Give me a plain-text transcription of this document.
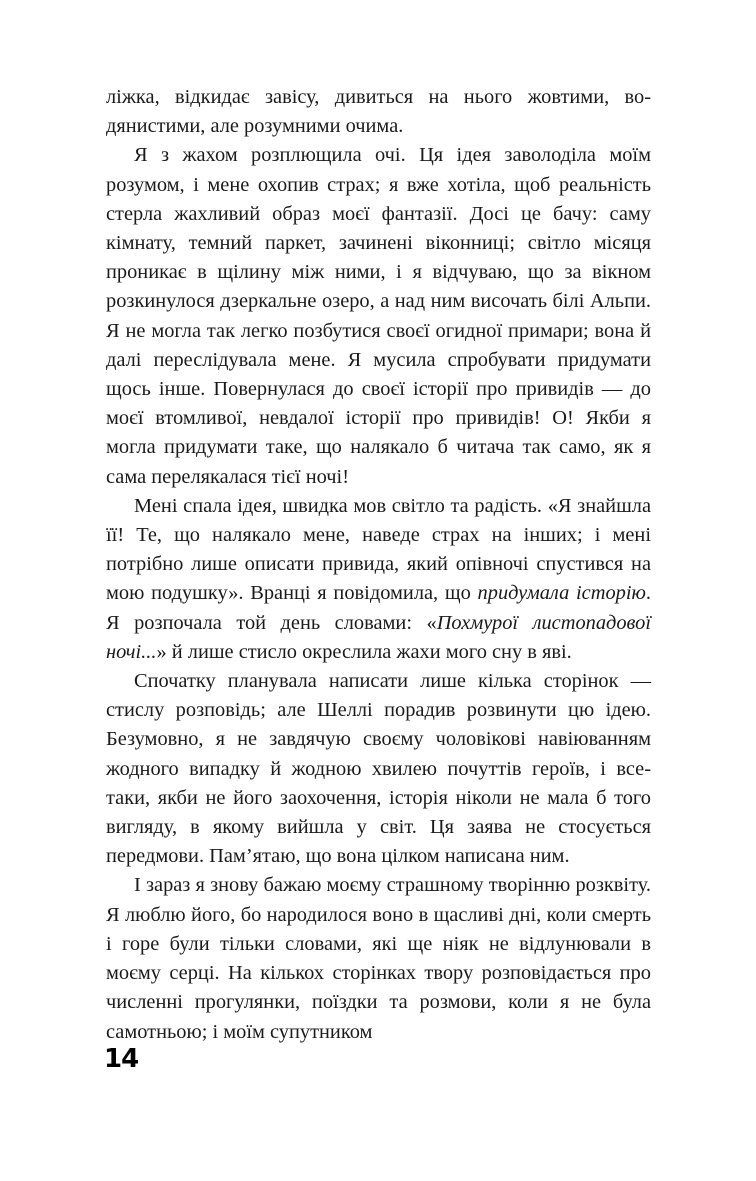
ліжка, відкидає завісу, дивиться на нього жовтими, водянистими, але розумними очима.

Я з жахом розплющила очі. Ця ідея заволоділа моїм розумом, і мене охопив страх; я вже хотіла, щоб реальність стерла жахливий образ моєї фантазії. Досі це бачу: саму кімнату, темний паркет, зачинені віконниці; світло місяця проникає в щілину між ними, і я відчуваю, що за вікном розкинулося дзеркальне озеро, а над ним височать білі Альпи. Я не могла так легко позбутися своєї огидної примари; вона й далі переслідувала мене. Я мусила спробувати придумати щось інше. Повернулася до своєї історії про привидів — до моєї втомливої, невдалої історії про привидів! О! Якби я могла придумати таке, що налякало б читача так само, як я сама перелякалася тієї ночі!

Мені спала ідея, швидка мов світло та радість. «Я знайшла її! Те, що налякало мене, наведе страх на інших; і мені потрібно лише описати привида, який опівночі спустився на мою подушку». Вранці я повідомила, що придумала історію. Я розпочала той день словами: «Похмурої листопадової ночі...» й лише стисло окреслила жахи мого сну в яві.

Спочатку планувала написати лише кілька сторінок — стислу розповідь; але Шеллі порадив розвинути цю ідею. Безумовно, я не завдячую своєму чоловікові навіюванням жодного випадку й жодною хвилею почуттів героїв, і все-таки, якби не його заохочення, історія ніколи не мала б того вигляду, в якому вийшла у світ. Ця заява не стосується передмови. Пам’ятаю, що вона цілком написана ним.

І зараз я знову бажаю моєму страшному творінню розквіту. Я люблю його, бо народилося воно в щасливі дні, коли смерть і горе були тільки словами, які ще ніяк не відлунювали в моєму серці. На кількох сторінках твору розповідається про численні прогулянки, поїздки та розмови, коли я не була самотньою; і моїм супутником

14
